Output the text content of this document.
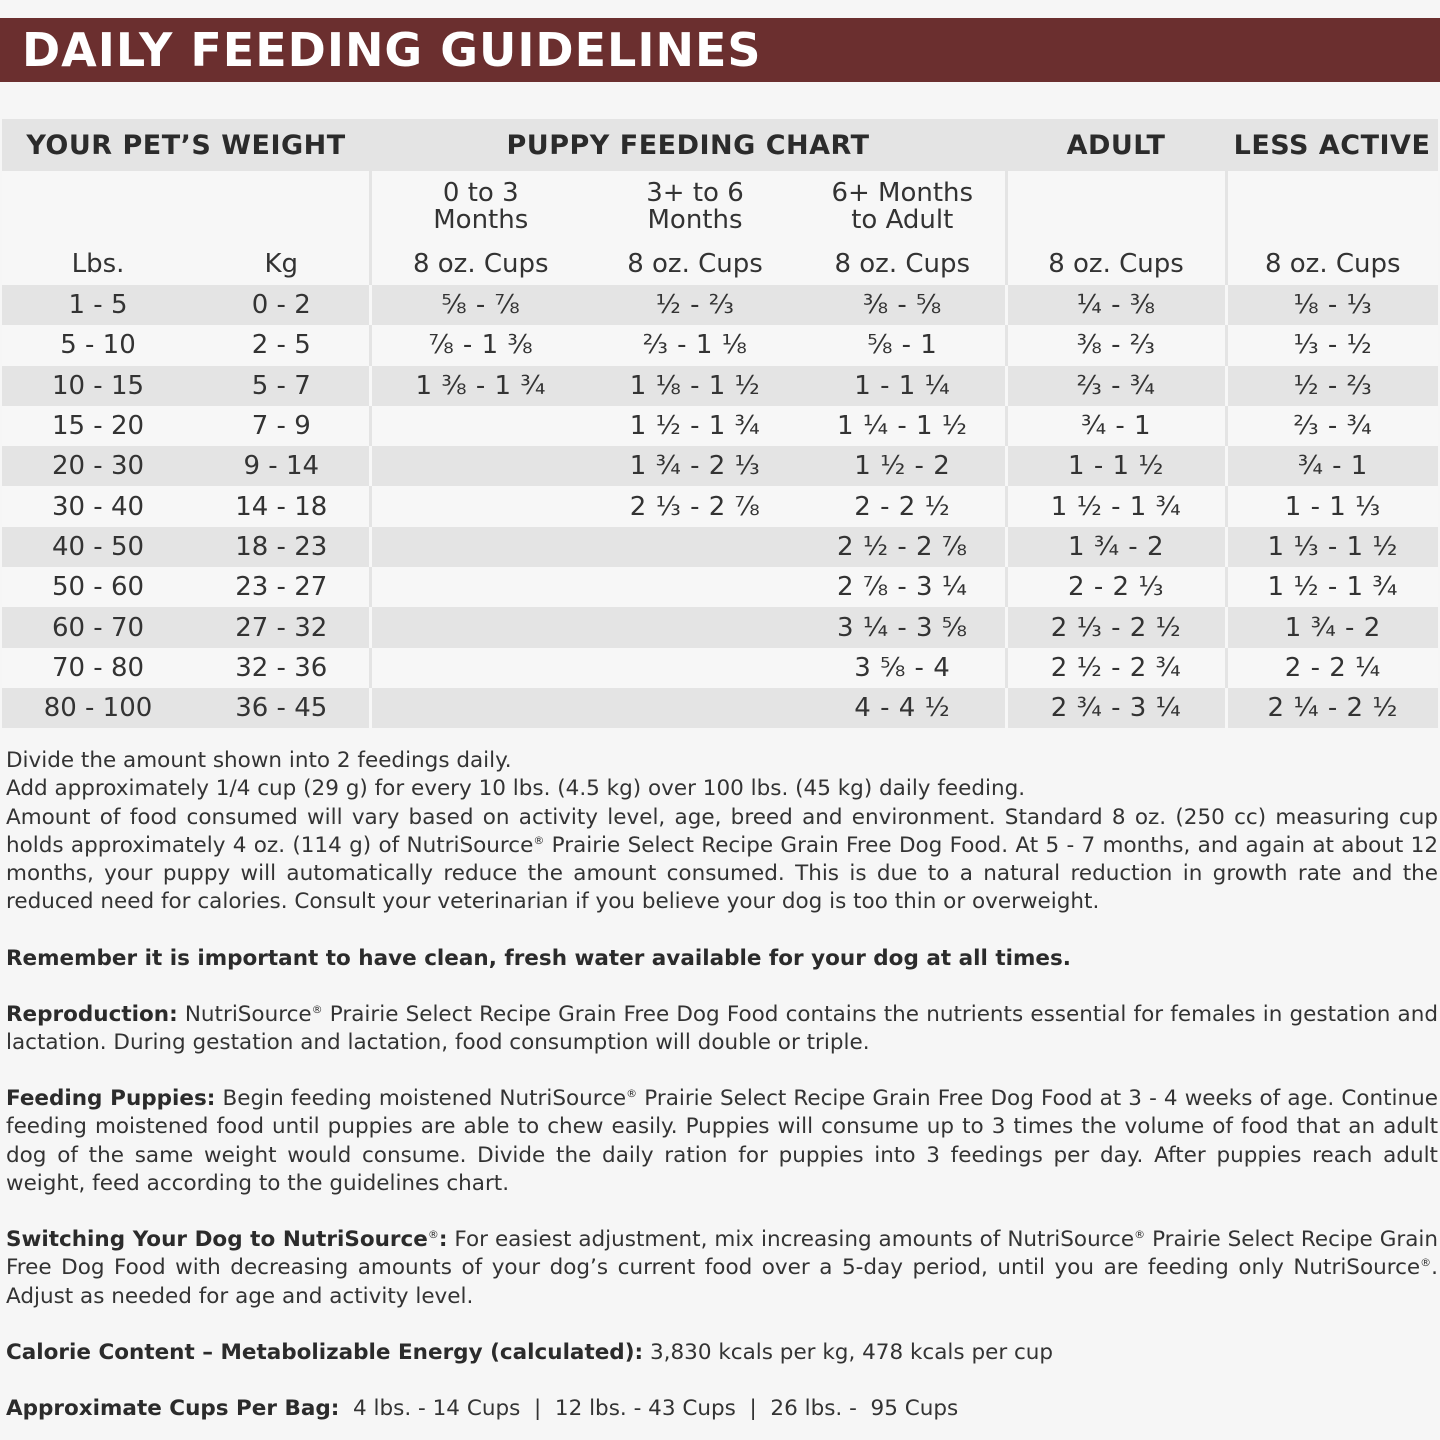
DAILY FEEDING GUIDELINES
YOUR PET’S WEIGHT		PUPPY FEEDING CHART			ADULT	LESS ACTIVE

		0 to 3 Months	3+ to 6 Months	6+ Months to Adult		

Lbs.	Kg	8 oz. Cups	8 oz. Cups	8 oz. Cups	8 oz. Cups	8 oz. Cups
1 - 5	0 - 2	⅝ - ⅞	½ - ⅔	⅜ - ⅝	¼ - ⅜	⅛ - ⅓
5 - 10	2 - 5	⅞ - 1 ⅜	⅔ - 1 ⅛	⅝ - 1	⅜ - ⅔	⅓ - ½
10 - 15	5 - 7	1 ⅜ - 1 ¾	1 ⅛ - 1 ½	1 - 1 ¼	⅔ - ¾	½ - ⅔
15 - 20	7 - 9		1 ½ - 1 ¾	1 ¼ - 1 ½	¾ - 1	⅔ - ¾
20 - 30	9 - 14		1 ¾ - 2 ⅓	1 ½ - 2	1 - 1 ½	¾ - 1
30 - 40	14 - 18		2 ⅓ - 2 ⅞	2 - 2 ½	1 ½ - 1 ¾	1 - 1 ⅓
40 - 50	18 - 23			2 ½ - 2 ⅞	1 ¾ - 2	1 ⅓ - 1 ½
50 - 60	23 - 27			2 ⅞ - 3 ¼	2 - 2 ⅓	1 ½ - 1 ¾
60 - 70	27 - 32			3 ¼ - 3 ⅝	2 ⅓ - 2 ½	1 ¾ - 2
70 - 80	32 - 36			3 ⅝ - 4	2 ½ - 2 ¾	2 - 2 ¼
80 - 100	36 - 45			4 - 4 ½	2 ¾ - 3 ¼	2 ¼ - 2 ½

Divide the amount shown into 2 feedings daily.

Add approximately 1/4 cup (29 g) for every 10 lbs. (4.5 kg) over 100 lbs. (45 kg) daily feeding.

Amount of food consumed will vary based on activity level, age, breed and environment. Standard 8 oz. (250 cc) measuring cup holds approximately 4 oz. (114 g) of NutriSource® Prairie Select Recipe Grain Free Dog Food. At 5 - 7 months, and again at about 12 months, your puppy will automatically reduce the amount consumed. This is due to a natural reduction in growth rate and the reduced need for calories. Consult your veterinarian if you believe your dog is too thin or overweight.

Remember it is important to have clean, fresh water available for your dog at all times.

Reproduction: NutriSource® Prairie Select Recipe Grain Free Dog Food contains the nutrients essential for females in gestation and lactation. During gestation and lactation, food consumption will double or triple.

Feeding Puppies: Begin feeding moistened NutriSource® Prairie Select Recipe Grain Free Dog Food at 3 - 4 weeks of age. Continue feeding moistened food until puppies are able to chew easily. Puppies will consume up to 3 times the volume of food that an adult dog of the same weight would consume. Divide the daily ration for puppies into 3 feedings per day. After puppies reach adult weight, feed according to the guidelines chart.

Switching Your Dog to NutriSource®: For easiest adjustment, mix increasing amounts of NutriSource® Prairie Select Recipe Grain Free Dog Food with decreasing amounts of your dog’s current food over a 5-day period, until you are feeding only NutriSource®. Adjust as needed for age and activity level.

Calorie Content – Metabolizable Energy (calculated): 3,830 kcals per kg, 478 kcals per cup

Approximate Cups Per Bag:  4 lbs. - 14 Cups  |  12 lbs. - 43 Cups  |  26 lbs. -  95 Cups
